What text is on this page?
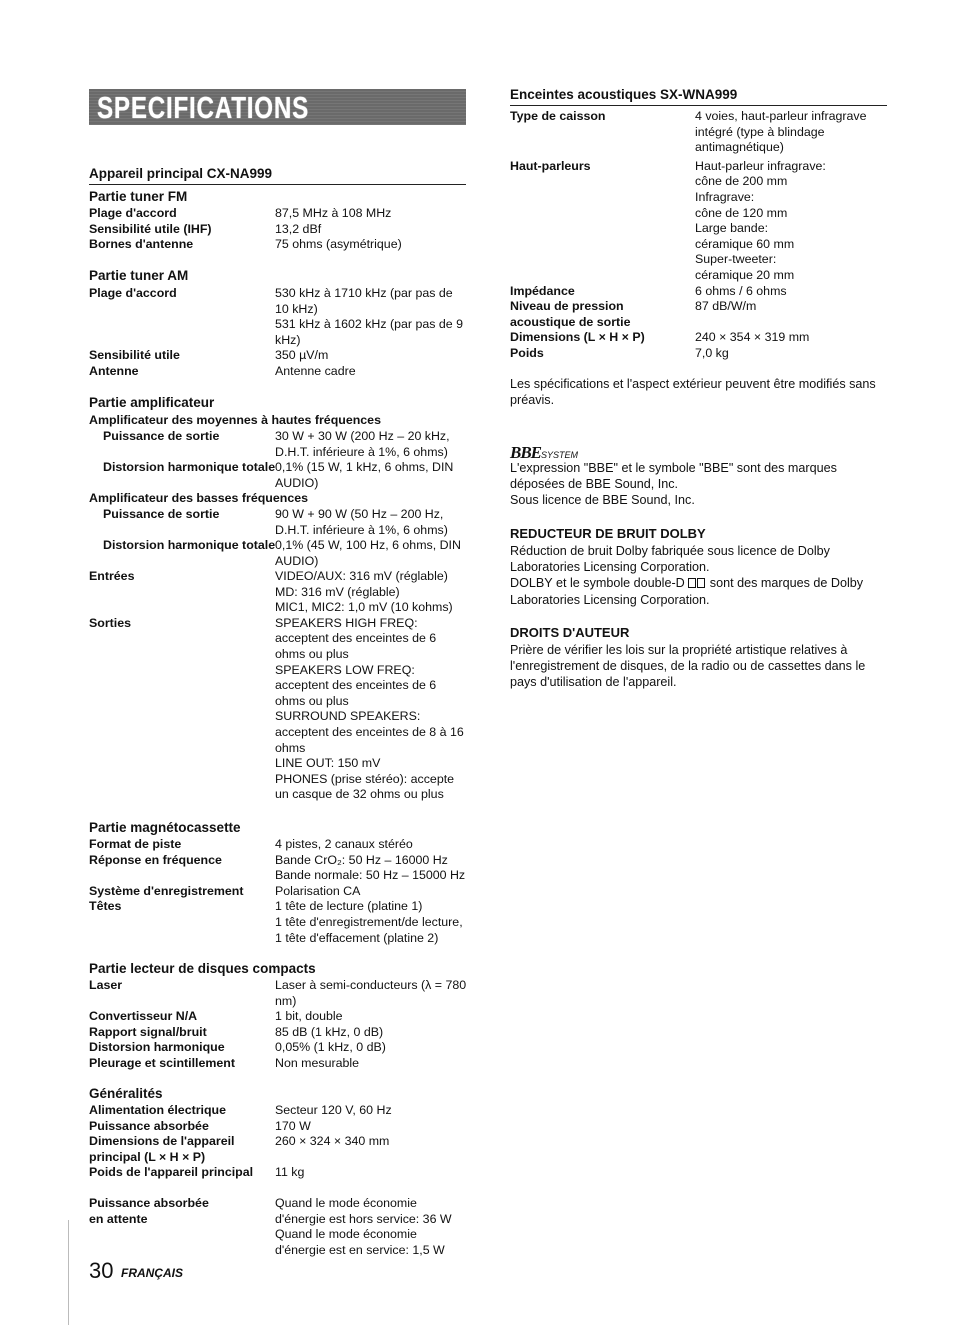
SPECIFICATIONS
Appareil principal CX-NA999
Partie tuner FM
Plage d'accord	87,5 MHz à 108 MHz
Sensibilité utile (IHF)	13,2 dBf
Bornes d'antenne	75 ohms (asymétrique)
Partie tuner AM
Plage d'accord	530 kHz à 1710 kHz (par pas de
10 kHz)
531 kHz à 1602 kHz (par pas de 9
kHz)
Sensibilité utile	350 µV/m
Antenne	Antenne cadre
Partie amplificateur
Amplificateur des moyennes à hautes fréquences
Puissance de sortie	30 W + 30 W (200 Hz – 20 kHz,
D.H.T. inférieure à 1%, 6 ohms)
Distorsion harmonique totale 0,1% (15 W, 1 kHz, 6 ohms, DIN
AUDIO)
Amplificateur des basses fréquences
Puissance de sortie	90 W + 90 W (50 Hz – 200 Hz,
D.H.T. inférieure à 1%, 6 ohms)
Distorsion harmonique totale 0,1% (45 W, 100 Hz, 6 ohms, DIN
AUDIO)
Entrées	VIDEO/AUX: 316 mV (réglable)
MD: 316 mV (réglable)
MIC1, MIC2: 1,0 mV (10 kohms)
Sorties	SPEAKERS HIGH FREQ:
acceptent des enceintes de 6
ohms ou plus
SPEAKERS LOW FREQ:
acceptent des enceintes de 6
ohms ou plus
SURROUND SPEAKERS:
acceptent des enceintes de 8 à 16
ohms
LINE OUT: 150 mV
PHONES (prise stéréo): accepte
un casque de 32 ohms ou plus
Partie magnétocassette
Format de piste	4 pistes, 2 canaux stéréo
Réponse en fréquence	Bande CrO₂: 50 Hz – 16000 Hz
Bande normale: 50 Hz – 15000 Hz
Système d'enregistrement	Polarisation CA
Têtes	1 tête de lecture (platine 1)
1 tête d'enregistrement/de lecture,
1 tête d'effacement (platine 2)
Partie lecteur de disques compacts
Laser	Laser à semi-conducteurs (λ = 780
nm)
Convertisseur N/A	1 bit, double
Rapport signal/bruit	85 dB (1 kHz, 0 dB)
Distorsion harmonique	0,05% (1 kHz, 0 dB)
Pleurage et scintillement	Non mesurable
Généralités
Alimentation électrique	Secteur 120 V, 60 Hz
Puissance absorbée	170 W
Dimensions de l'appareil
principal (L × H × P)
260 × 324 × 340 mm
Poids de l'appareil principal 11 kg
Puissance absorbée
en attente
Quand le mode économie
d'énergie est hors service: 36 W
Quand le mode économie
d'énergie est en service: 1,5 W
30 FRANÇAIS
Enceintes acoustiques SX-WNA999
Type de caisson	4 voies, haut-parleur infragrave
intégré (type à blindage
antimagnétique)
Haut-parleurs	Haut-parleur infragrave:
cône de 200 mm
Infragrave:
cône de 120 mm
Large bande:
céramique 60 mm
Super-tweeter:
céramique 20 mm
Impédance	6 ohms / 6 ohms
Niveau de pression
acoustique de sortie
87 dB/W/m
Dimensions (L × H × P)	240 × 354 × 319 mm
Poids	7,0 kg
Les spécifications et l'aspect extérieur peuvent être modifiés sans
préavis.
BBESYSTEM
L'expression "BBE" et le symbole "BBE" sont des marques
déposées de BBE Sound, Inc.
Sous licence de BBE Sound, Inc.
REDUCTEUR DE BRUIT DOLBY
Réduction de bruit Dolby fabriquée sous licence de Dolby
Laboratories Licensing Corporation.
DOLBY et le symbole double-D sont des marques de Dolby
Laboratories Licensing Corporation.
DROITS D'AUTEUR
Prière de vérifier les lois sur la propriété artistique relatives à
l'enregistrement de disques, de la radio ou de cassettes dans le
pays d'utilisation de l'appareil.
